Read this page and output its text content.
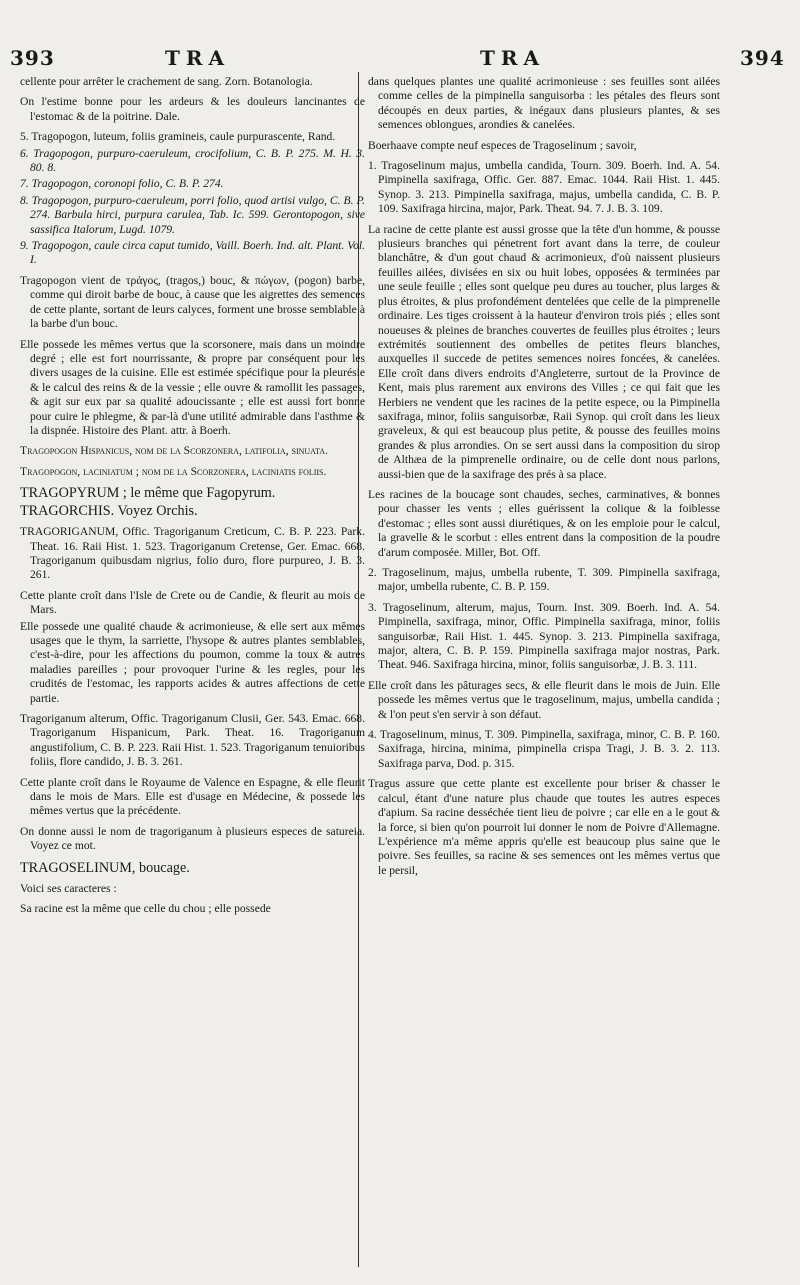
393	TRA	TRA	394

cellente pour arrêter le crachement de sang. Zorn. Botanologia.

On l'estime bonne pour les ardeurs & les douleurs lancinantes de l'estomac & de la poitrine. Dale.

5. Tragopogon, luteum, foliis gramineis, caule purpurascente, Rand.

6. Tragopogon, purpuro-caeruleum, crocifolium, C. B. P. 275. M. H. 3. 80. 8.

7. Tragopogon, coronopi folio, C. B. P. 274.

8. Tragopogon, purpuro-caeruleum, porri folio, quod artisi vulgo, C. B. P. 274. Barbula hirci, purpura carulea, Tab. Ic. 599. Gerontopogon, sive sassifica Italorum, Lugd. 1079.

9. Tragopogon, caule circa caput tumido, Vaill. Boerh. Ind. alt. Plant. Vol. I.

Tragopogon vient de τράγος, (tragos,) bouc, & πώγων, (pogon) barbe, comme qui diroit barbe de bouc, à cause que les aigrettes des semences de cette plante, sortant de leurs calyces, forment une brosse semblable à la barbe d'un bouc.

Elle possede les mêmes vertus que la scorsonere, mais dans un moindre degré ; elle est fort nourrissante, & propre par conséquent pour les divers usages de la cuisine. Elle est estimée spécifique pour la pleurésie & le calcul des reins & de la vessie ; elle ouvre & ramollit les passages, & agit sur eux par sa qualité adoucissante ; elle est aussi fort bonne pour cuire le phlegme, & par-là d'une utilité admirable dans l'asthme & la dispnée. Histoire des Plant. attr. à Boerh.

Tragopogon Hispanicus, nom de la Scorzonera, latifolia, sinuata.

Tragopogon, laciniatum ; nom de la Scorzonera, laciniatis foliis.

TRAGOPYRUM ; le même que Fagopyrum.

TRAGORCHIS. Voyez Orchis.

TRAGORIGANUM, Offic. Tragoriganum Creticum, C. B. P. 223. Park. Theat. 16. Raii Hist. 1. 523. Tragoriganum Cretense, Ger. Emac. 668. Tragoriganum quibusdam nigrius, folio duro, flore purpureo, J. B. 3. 261.

Cette plante croît dans l'Isle de Crete ou de Candie, & fleurit au mois de Mars.

Elle possede une qualité chaude & acrimonieuse, & elle sert aux mêmes usages que le thym, la sarriette, l'hysope & autres plantes semblables, c'est-à-dire, pour les affections du poumon, comme la toux & autres maladies pareilles ; pour provoquer l'urine & les regles, pour les crudités de l'estomac, les rapports acides & autres affections de cette partie.

Tragoriganum alterum, Offic. Tragoriganum Clusii, Ger. 543. Emac. 668. Tragoriganum Hispanicum, Park. Theat. 16. Tragoriganum angustifolium, C. B. P. 223. Raii Hist. 1. 523. Tragoriganum tenuioribus foliis, flore candido, J. B. 3. 261.

Cette plante croît dans le Royaume de Valence en Espagne, & elle fleurit dans le mois de Mars. Elle est d'usage en Médecine, & possede les mêmes vertus que la précédente.

On donne aussi le nom de tragoriganum à plusieurs especes de satureia. Voyez ce mot.

TRAGOSELINUM, boucage.

Voici ses caracteres :

Sa racine est la même que celle du chou ; elle possede

dans quelques plantes une qualité acrimonieuse : ses feuilles sont ailées comme celles de la pimpinella sanguisorba : les pétales des fleurs sont découpés en deux parties, & inégaux dans plusieurs plantes, & ses semences oblongues, arondies & canelées.

Boerhaave compte neuf especes de Tragoselinum ; savoir,

1. Tragoselinum majus, umbella candida, Tourn. 309. Boerh. Ind. A. 54. Pimpinella saxifraga, Offic. Ger. 887. Emac. 1044. Raii Hist. 1. 445. Synop. 3. 213. Pimpinella saxifraga, majus, umbella candida, C. B. P. 109. Saxifraga hircina, major, Park. Theat. 94. 7. J. B. 3. 109.

La racine de cette plante est aussi grosse que la tête d'un homme, & pousse plusieurs branches qui pénetrent fort avant dans la terre, de couleur blanchâtre, & d'un gout chaud & acrimonieux, d'où naissent plusieurs feuilles ailées, divisées en six ou huit lobes, opposées & terminées par une seule feuille ; elles sont quelque peu dures au toucher, plus larges & plus étroites, & plus profondément dentelées que celle de la pimprenelle ordinaire. Les tiges croissent à la hauteur d'environ trois piés ; elles sont noueuses & pleines de branches couvertes de feuilles plus étroites ; leurs extrémités soutiennent des ombelles de petites fleurs blanches, auxquelles il succede de petites semences noires foncées, & canelées. Elle croît dans divers endroits d'Angleterre, surtout de la Province de Kent, mais plus rarement aux environs des Villes ; ce qui fait que les Herbiers ne vendent que les racines de la petite espece, ou la Pimpinella saxifraga, minor, foliis sanguisorbæ, Raii Synop. qui croît dans les lieux graveleux, & qui est beaucoup plus petite, & pousse des feuilles moins grandes & plus arrondies. On se sert aussi dans la composition du sirop de Althæa de la pimprenelle ordinaire, ou de celle dont nous parlons, aussi-bien que de la saxifrage des prés à sa place.

Les racines de la boucage sont chaudes, seches, carminatives, & bonnes pour chasser les vents ; elles guérissent la colique & la foiblesse d'estomac ; elles sont aussi diurétiques, & on les emploie pour le calcul, la gravelle & le scorbut : elles entrent dans la composition de la poudre d'arum composée. Miller, Bot. Off.

2. Tragoselinum, majus, umbella rubente, T. 309. Pimpinella saxifraga, major, umbella rubente, C. B. P. 159.

3. Tragoselinum, alterum, majus, Tourn. Inst. 309. Boerh. Ind. A. 54. Pimpinella, saxifraga, minor, Offic. Pimpinella saxifraga, minor, foliis sanguisorbæ, Raii Hist. 1. 445. Synop. 3. 213. Pimpinella saxifraga, major, altera, C. B. P. 159. Pimpinella saxifraga major nostras, Park. Theat. 946. Saxifraga hircina, minor, foliis sanguisorbæ, J. B. 3. 111.

Elle croît dans les pâturages secs, & elle fleurit dans le mois de Juin. Elle possede les mêmes vertus que le tragoselinum, majus, umbella candida ; & l'on peut s'en servir à son défaut.

4. Tragoselinum, minus, T. 309. Pimpinella, saxifraga, minor, C. B. P. 160. Saxifraga, hircina, minima, pimpinella crispa Tragi, J. B. 3. 2. 113. Saxifraga parva, Dod. p. 315.

Tragus assure que cette plante est excellente pour briser & chasser le calcul, étant d'une nature plus chaude que toutes les autres especes d'apium. Sa racine desséchée tient lieu de poivre ; car elle en a le gout & la force, si bien qu'on pourroit lui donner le nom de Poivre d'Allemagne. L'expérience m'a même appris qu'elle est beaucoup plus saine que le poivre. Ses feuilles, sa racine & ses semences ont les mêmes vertus que le persil,
